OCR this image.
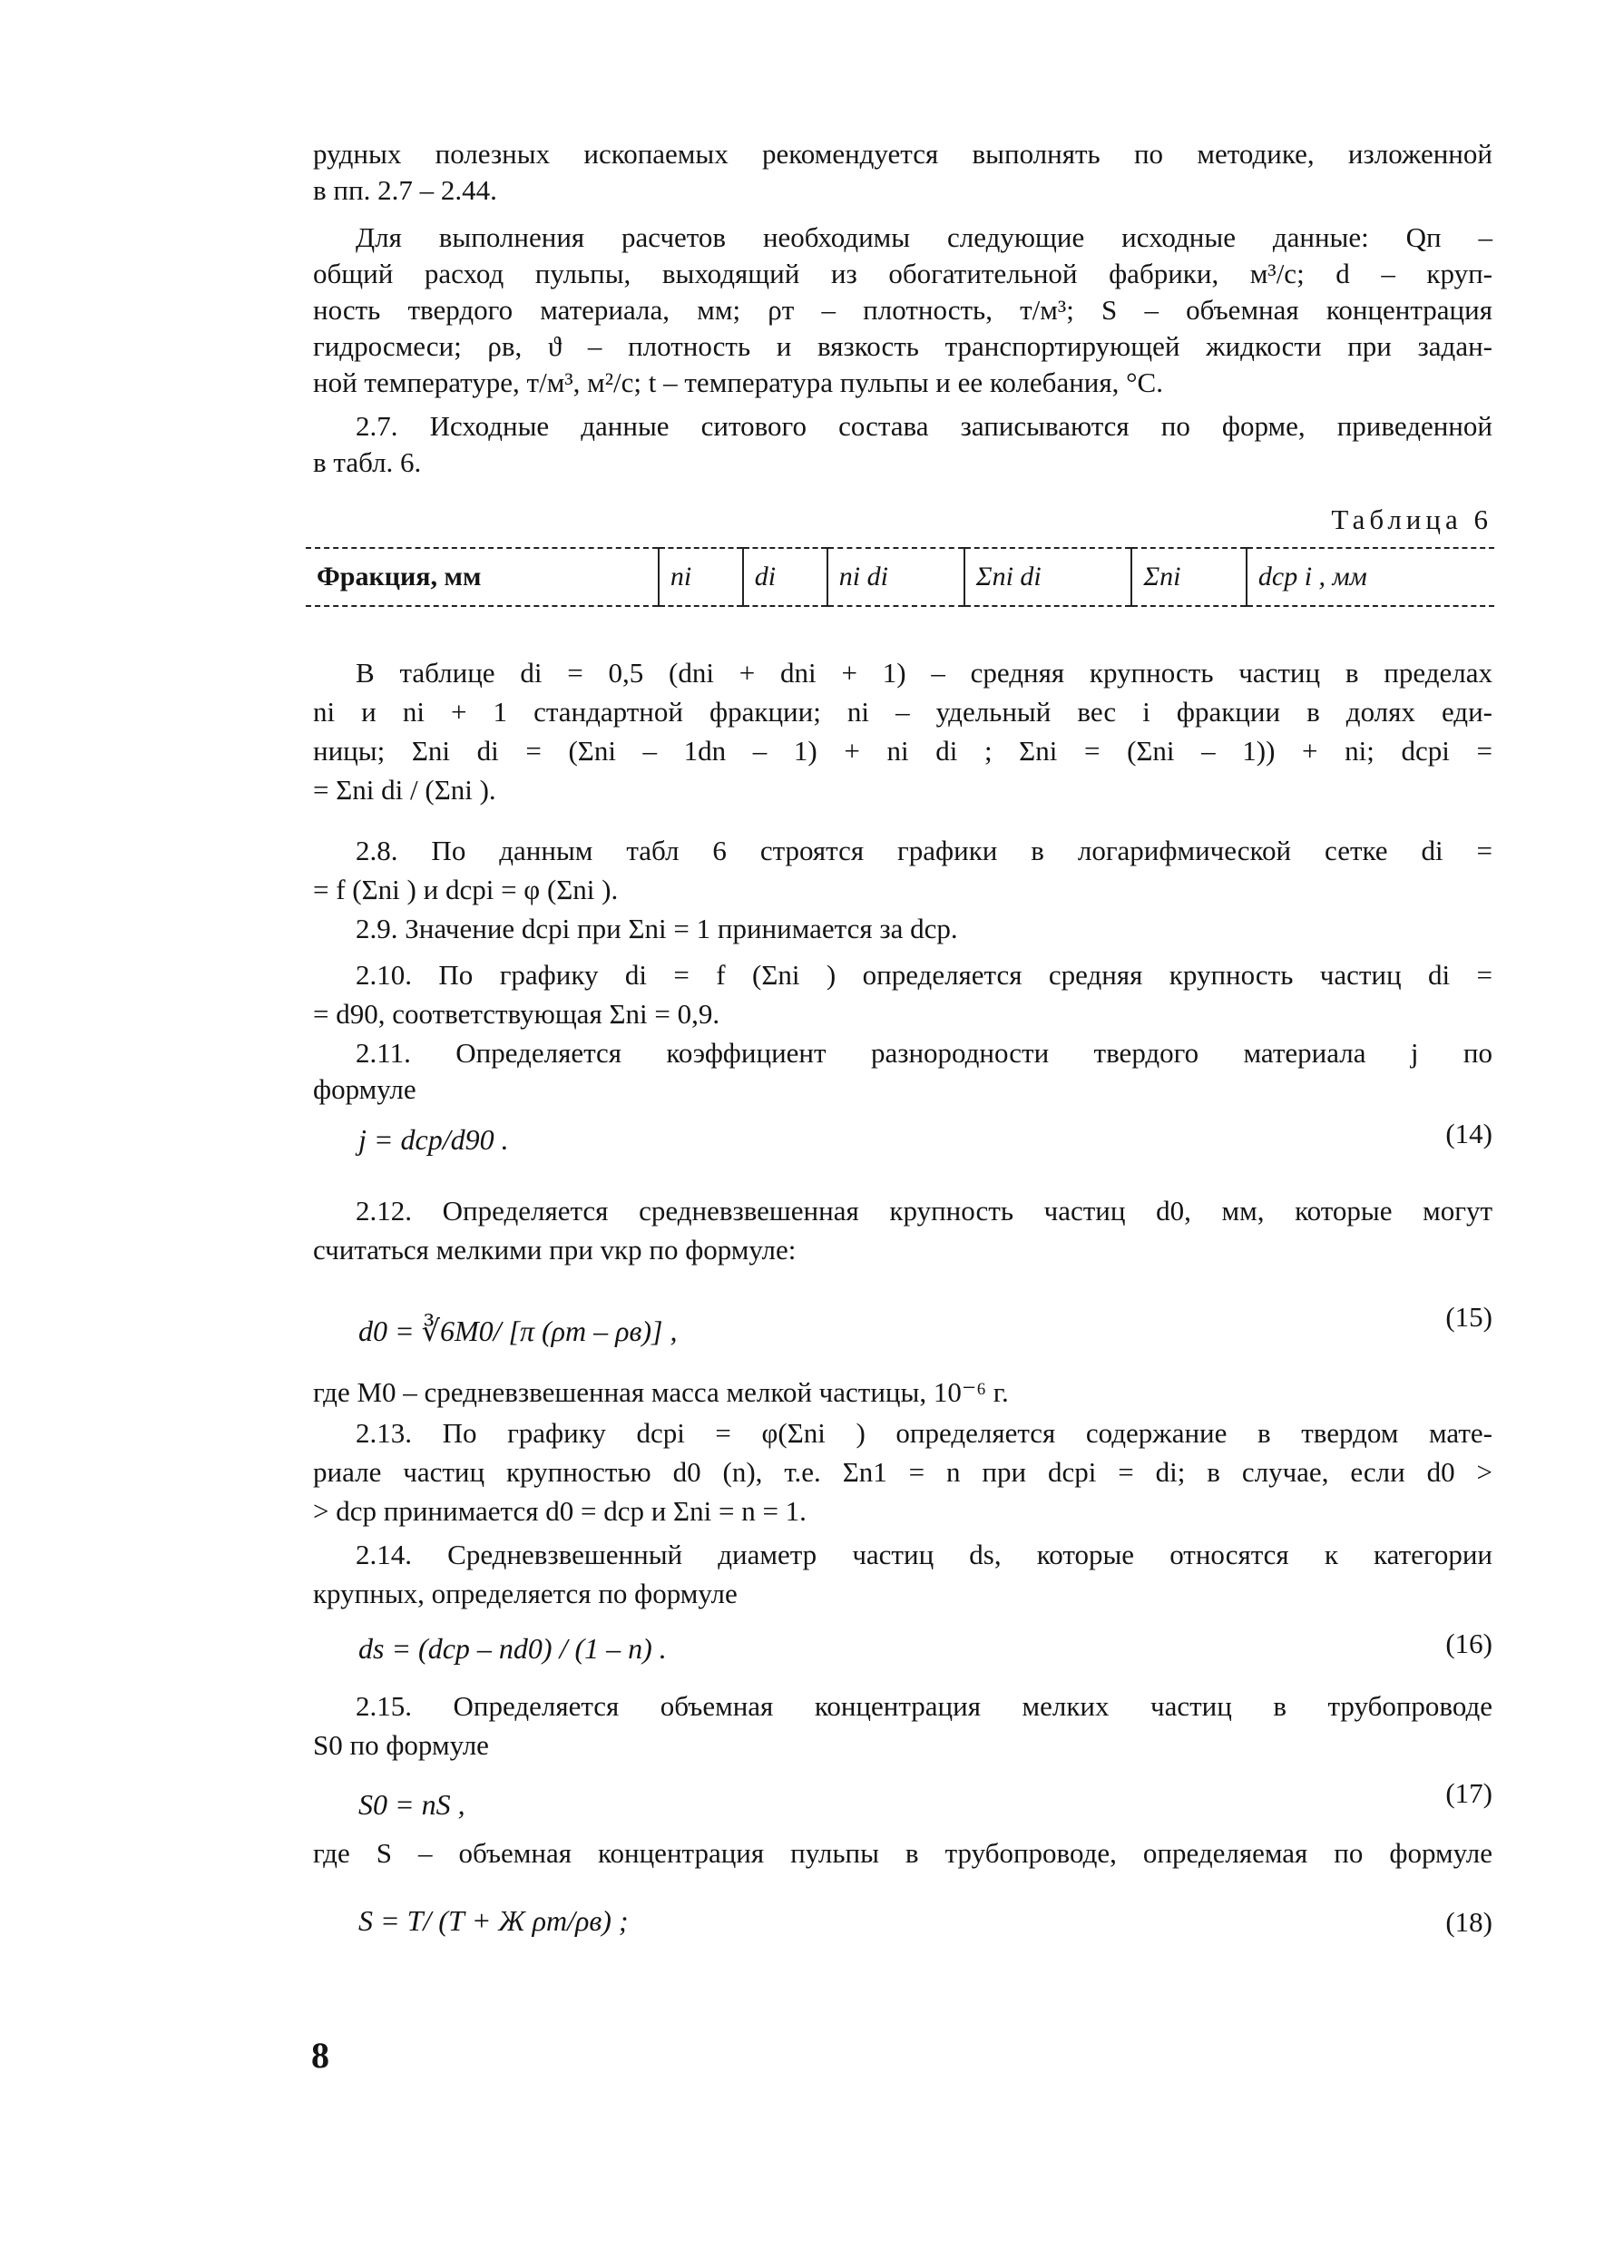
рудных полезных ископаемых рекомендуется выполнять по методике, изложенной
в пп. 2.7 – 2.44.
Для выполнения расчетов необходимы следующие исходные данные: Qп –
общий расход пульпы, выходящий из обогатительной фабрики, м³/с; d – круп-
ность твердого материала, мм; ρт – плотность, т/м³; S – объемная концентрация
гидросмеси; ρв, ϑ – плотность и вязкость транспортирующей жидкости при задан-
ной температуре, т/м³, м²/с; t – температура пульпы и ее колебания, °С.
2.7. Исходные данные ситового состава записываются по форме, приведенной
в табл. 6.
Таблица 6
Фракция, мм	ni	di	ni di	Σni di	Σni	dcp i , мм
В таблице di = 0,5 (dni + dni + 1) – средняя крупность частиц в пределах
ni и ni + 1 стандартной фракции; ni – удельный вес i фракции в долях еди-
ницы; Σni di = (Σni – 1dn – 1) + ni di ; Σni = (Σni – 1)) + ni; dcpi =
= Σni di / (Σni ).
2.8. По данным табл 6 строятся графики в логарифмической сетке di =
= f (Σni ) и dcpi = φ (Σni ).
2.9. Значение dcpi при Σni = 1 принимается за dср.
2.10. По графику di = f (Σni ) определяется средняя крупность частиц di =
= d90, соответствующая Σni = 0,9.
2.11. Определяется коэффициент разнородности твердого материала j по
формуле
j = dср/d90 .	(14)
2.12. Определяется средневзвешенная крупность частиц d0, мм, которые могут
считаться мелкими при vкр по формуле:
d0 = ∛6M0/ [π (ρт – ρв)] ,	(15)
где M0 – средневзвешенная масса мелкой частицы, 10⁻⁶ г.
2.13. По графику dcpi = φ(Σni ) определяется содержание в твердом мате-
риале частиц крупностью d0 (n), т.е. Σn1 = n при dcpi = di; в случае, если d0 >
> dср принимается d0 = dср и Σni = n = 1.
2.14. Средневзвешенный диаметр частиц ds, которые относятся к категории
крупных, определяется по формуле
ds = (dср – nd0) / (1 – n) .	(16)
2.15. Определяется объемная концентрация мелких частиц в трубопроводе
S0 по формуле
S0 = nS ,	(17)
где S – объемная концентрация пульпы в трубопроводе, определяемая по формуле
S = Т/ (Т + Ж ρт/ρв) ;	(18)
8
